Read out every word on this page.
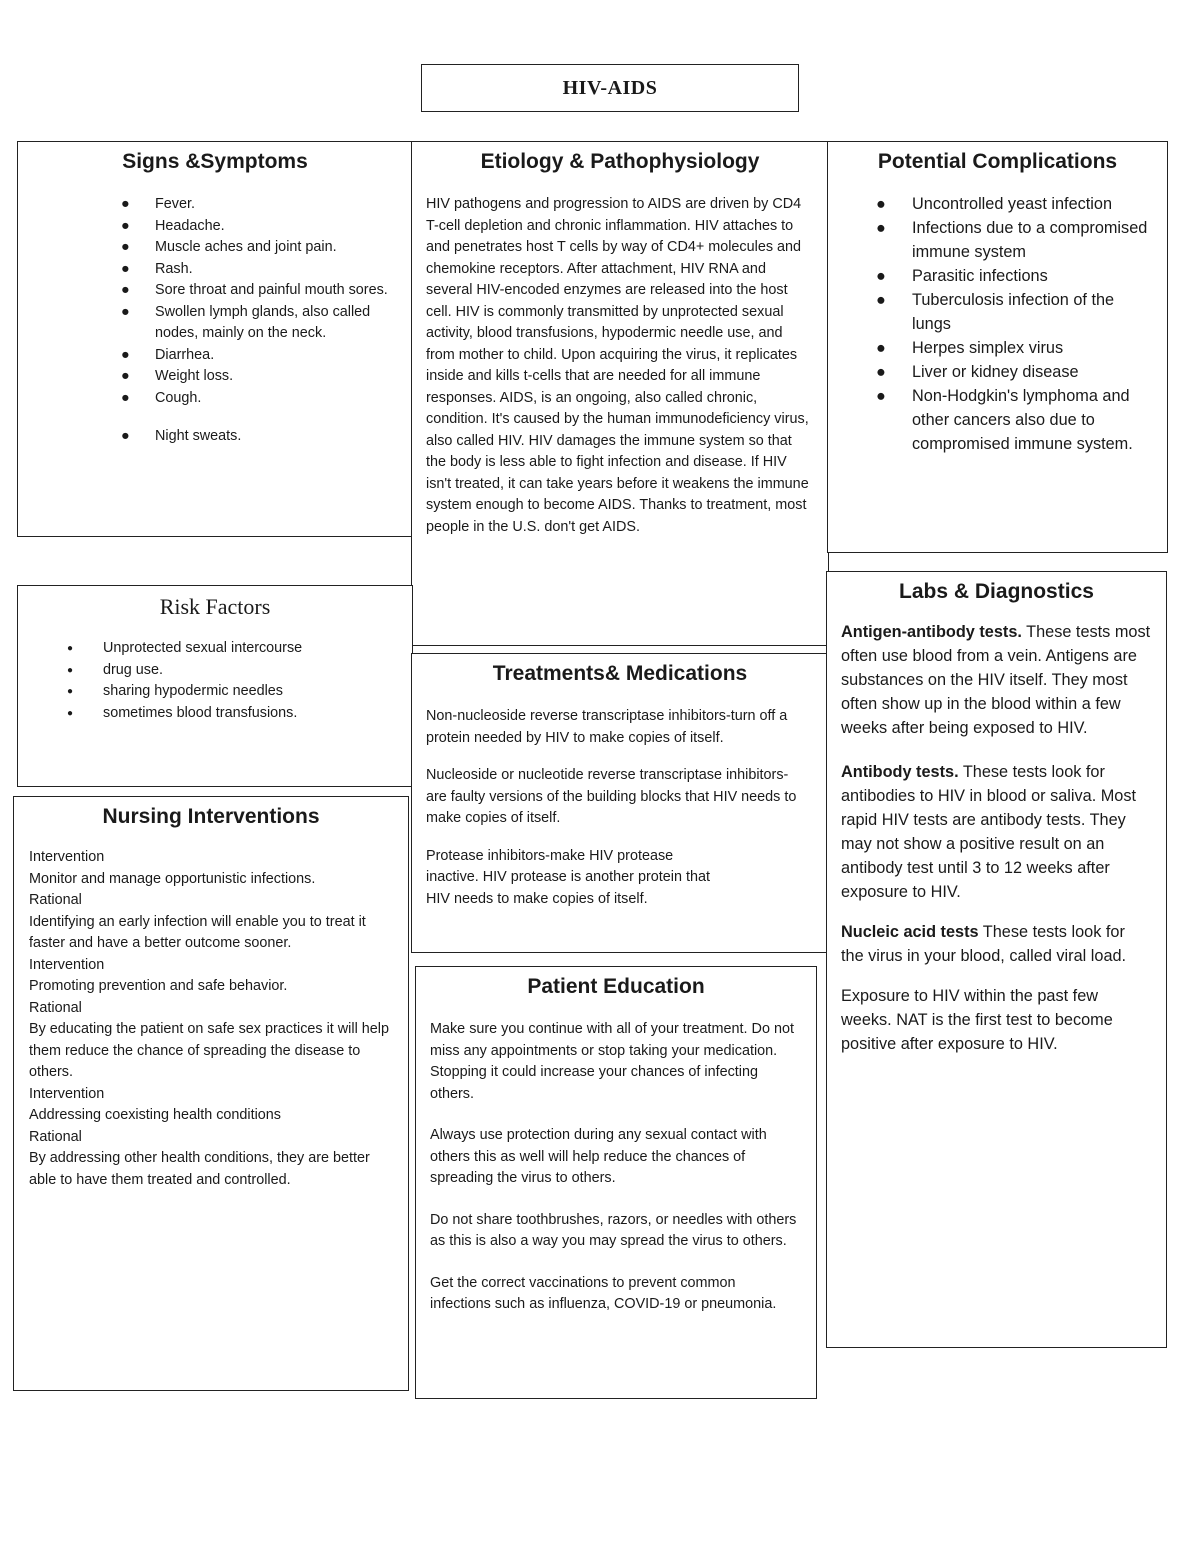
HIV-AIDS
Signs &Symptoms
● Fever.
● Headache.
● Muscle aches and joint pain.
● Rash.
● Sore throat and painful mouth sores.
● Swollen lymph glands, also called nodes, mainly on the neck.
● Diarrhea.
● Weight loss.
● Cough.
● Night sweats.
Etiology & Pathophysiology

HIV pathogens and progression to AIDS are driven by CD4 T-cell depletion and chronic inflammation. HIV attaches to and penetrates host T cells by way of CD4+ molecules and chemokine receptors. After attachment, HIV RNA and several HIV-encoded enzymes are released into the host cell. HIV is commonly transmitted by unprotected sexual activity, blood transfusions, hypodermic needle use, and from mother to child. Upon acquiring the virus, it replicates inside and kills t-cells that are needed for all immune responses. AIDS, is an ongoing, also called chronic, condition. It's caused by the human immunodeficiency virus, also called HIV. HIV damages the immune system so that the body is less able to fight infection and disease. If HIV isn't treated, it can take years before it weakens the immune system enough to become AIDS. Thanks to treatment, most people in the U.S. don't get AIDS.

Potential Complications
● Uncontrolled yeast infection
● Infections due to a compromised immune system
● Parasitic infections
● Tuberculosis infection of the lungs
● Herpes simplex virus
● Liver or kidney disease
● Non-Hodgkin's lymphoma and other cancers also due to compromised immune system.
Risk Factors
● Unprotected sexual intercourse
● drug use.
● sharing hypodermic needles
● sometimes blood transfusions.
Treatments& Medications

Non-nucleoside reverse transcriptase inhibitors-turn off a protein needed by HIV to make copies of itself.

Nucleoside or nucleotide reverse transcriptase inhibitors- are faulty versions of the building blocks that HIV needs to make copies of itself.

Protease inhibitors-make HIV protease inactive. HIV protease is another protein that HIV needs to make copies of itself.

Labs & Diagnostics

Antigen-antibody tests. These tests most often use blood from a vein. Antigens are substances on the HIV itself. They most often show up in the blood within a few weeks after being exposed to HIV.

Antibody tests. These tests look for antibodies to HIV in blood or saliva. Most rapid HIV tests are antibody tests. They may not show a positive result on an antibody test until 3 to 12 weeks after exposure to HIV.

Nucleic acid tests These tests look for the virus in your blood, called viral load.

Exposure to HIV within the past few weeks. NAT is the first test to become positive after exposure to HIV.

Nursing Interventions

Intervention

Monitor and manage opportunistic infections.

Rational

Identifying an early infection will enable you to treat it faster and have a better outcome sooner.

Intervention

Promoting prevention and safe behavior.

Rational

By educating the patient on safe sex practices it will help them reduce the chance of spreading the disease to others.

Intervention

Addressing coexisting health conditions

Rational

By addressing other health conditions, they are better able to have them treated and controlled.

Patient Education

Make sure you continue with all of your treatment. Do not miss any appointments or stop taking your medication. Stopping it could increase your chances of infecting others.

Always use protection during any sexual contact with others this as well will help reduce the chances of spreading the virus to others.

Do not share toothbrushes, razors, or needles with others as this is also a way you may spread the virus to others.

Get the correct vaccinations to prevent common infections such as influenza, COVID-19 or pneumonia.
